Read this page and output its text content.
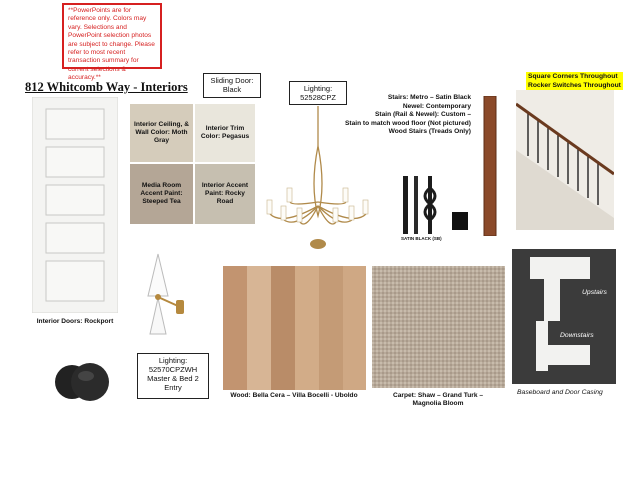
**PowerPoints are for reference only. Colors may vary. Selections and PowerPoint selection photos are subject to change. Please refer to most recent transaction summary for current selections & accuracy.**
812 Whitcomb Way - Interiors
Interior Doors: Rockport
Lighting: 52570CPZWH Master & Bed 2 Entry
Sliding Door: Black
Interior Ceiling, & Wall Color: Moth Gray
Interior Trim Color: Pegasus
Media Room Accent Paint: Steeped Tea
Interior Accent Paint: Rocky Road
Lighting: 52528CPZ	Stairs: Metro – Satin Black
Newel: Contemporary
Stain (Rail & Newel): Custom –
Stain to match wood floor (Not pictured)
Wood Stairs (Treads Only)
SATIN BLACK (SB)
Square Corners Throughout
Rocker Switches Throughout
Wood: Bella Cera – Villa Bocelli - Uboldo	Carpet: Shaw – Grand Turk – Magnolia Bloom
Upstairs
Downstairs
Baseboard and Door Casing
